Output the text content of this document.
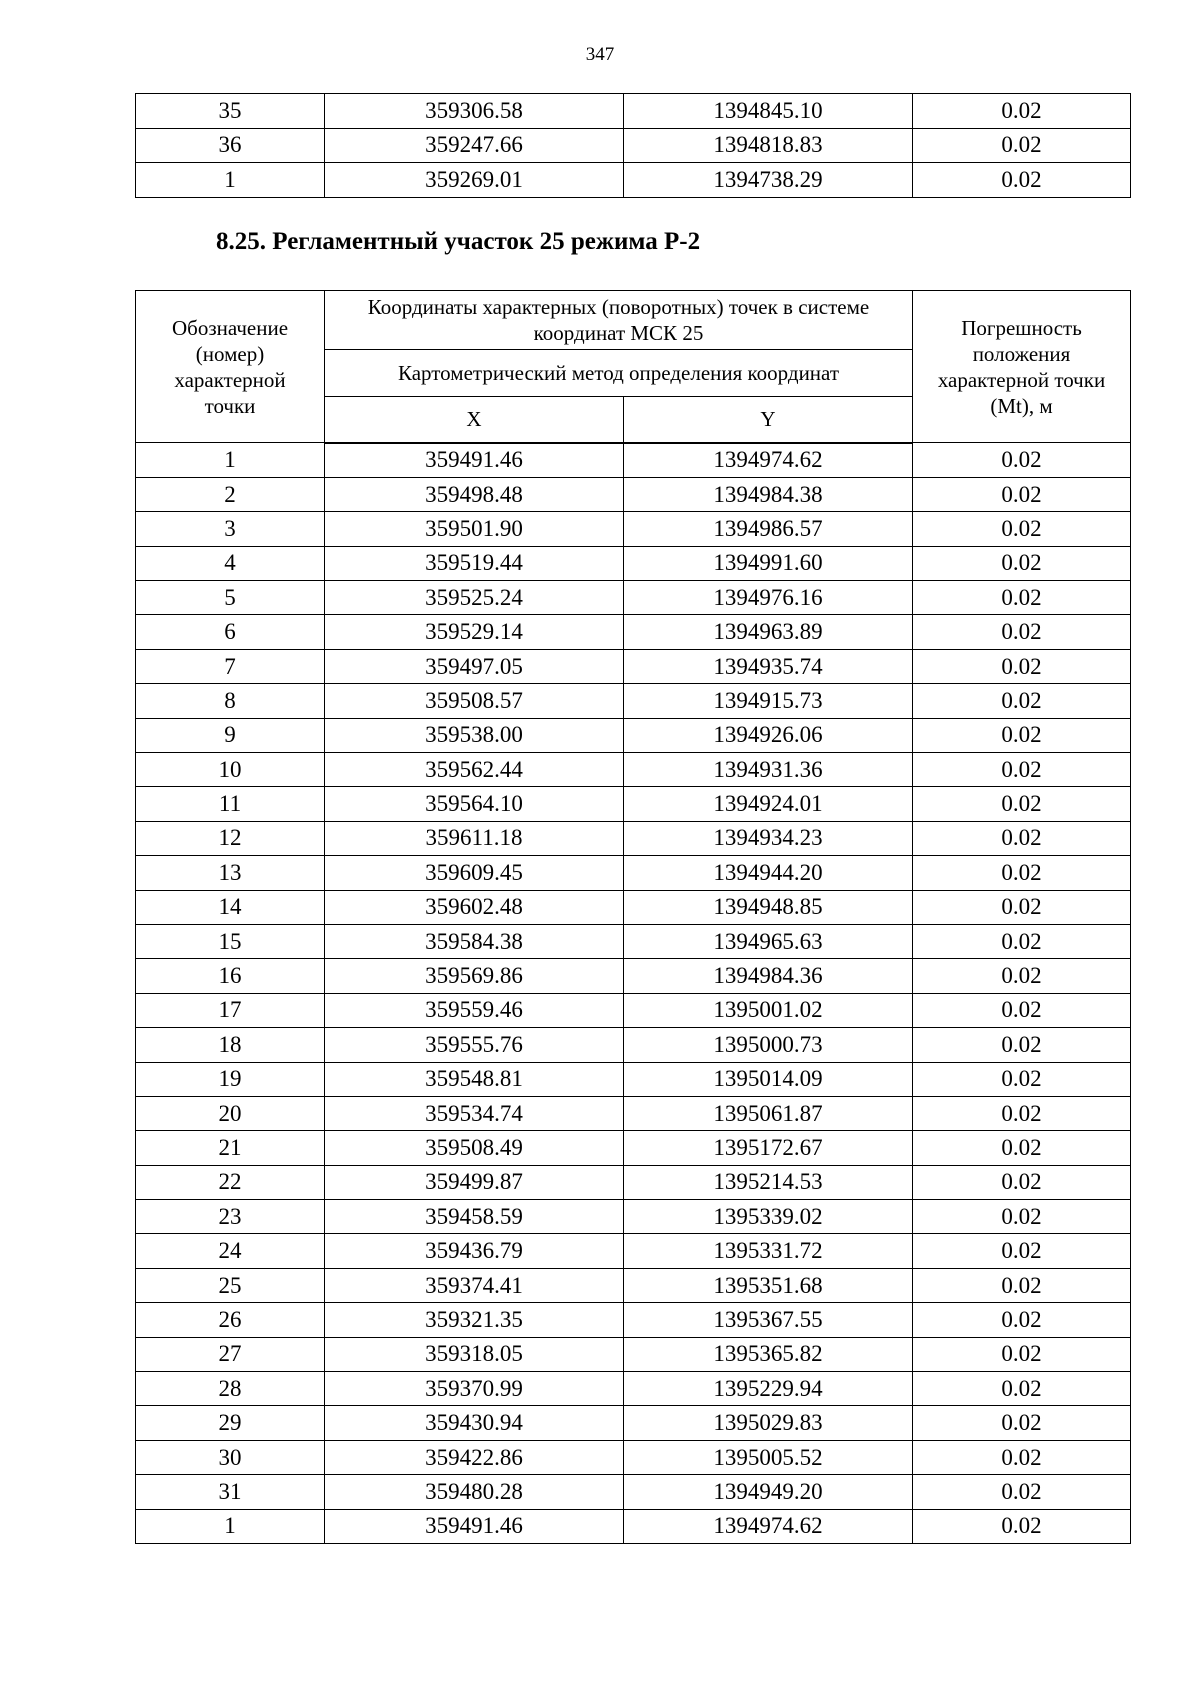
347
35	359306.58	1394845.10	0.02
36	359247.66	1394818.83	0.02
1	359269.01	1394738.29	0.02
8.25. Регламентный участок 25 режима Р-2
Обозначение (номер) характерной точки	Координаты характерных (поворотных) точек в системе координат МСК 25		Погрешность положения характерной точки (Mt), м
	Картометрический метод определения координат		
	X	Y	
1	359491.46	1394974.62	0.02
2	359498.48	1394984.38	0.02
3	359501.90	1394986.57	0.02
4	359519.44	1394991.60	0.02
5	359525.24	1394976.16	0.02
6	359529.14	1394963.89	0.02
7	359497.05	1394935.74	0.02
8	359508.57	1394915.73	0.02
9	359538.00	1394926.06	0.02
10	359562.44	1394931.36	0.02
11	359564.10	1394924.01	0.02
12	359611.18	1394934.23	0.02
13	359609.45	1394944.20	0.02
14	359602.48	1394948.85	0.02
15	359584.38	1394965.63	0.02
16	359569.86	1394984.36	0.02
17	359559.46	1395001.02	0.02
18	359555.76	1395000.73	0.02
19	359548.81	1395014.09	0.02
20	359534.74	1395061.87	0.02
21	359508.49	1395172.67	0.02
22	359499.87	1395214.53	0.02
23	359458.59	1395339.02	0.02
24	359436.79	1395331.72	0.02
25	359374.41	1395351.68	0.02
26	359321.35	1395367.55	0.02
27	359318.05	1395365.82	0.02
28	359370.99	1395229.94	0.02
29	359430.94	1395029.83	0.02
30	359422.86	1395005.52	0.02
31	359480.28	1394949.20	0.02
1	359491.46	1394974.62	0.02
